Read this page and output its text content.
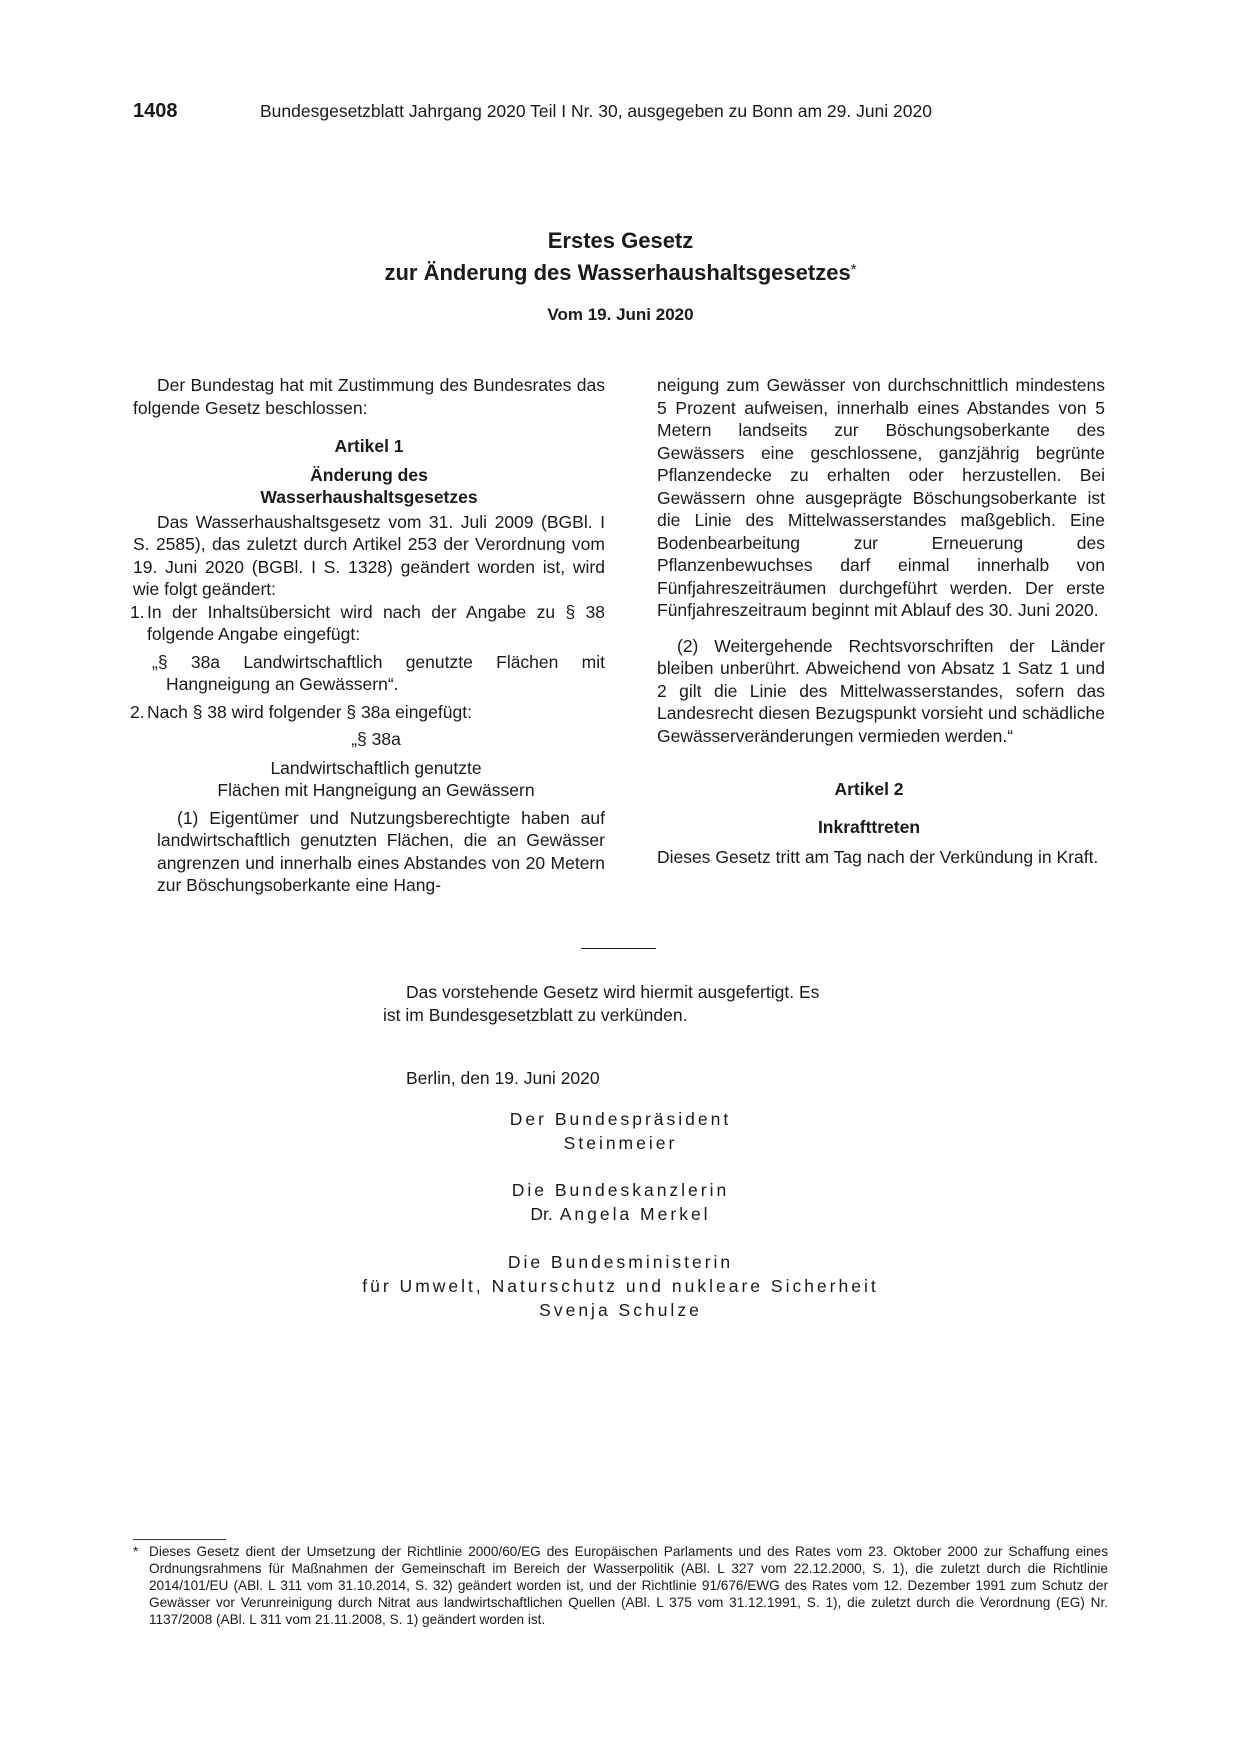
1408	Bundesgesetzblatt Jahrgang 2020 Teil I Nr. 30, ausgegeben zu Bonn am 29. Juni 2020
Erstes Gesetz
zur Änderung des Wasserhaushaltsgesetzes*
Vom 19. Juni 2020

Der Bundestag hat mit Zustimmung des Bundesrates das folgende Gesetz beschlossen:

Artikel 1
Änderung des
Wasserhaushaltsgesetzes

Das Wasserhaushaltsgesetz vom 31. Juli 2009 (BGBl. I S. 2585), das zuletzt durch Artikel 253 der Verordnung vom 19. Juni 2020 (BGBl. I S. 1328) geändert worden ist, wird wie folgt geändert:

1. In der Inhaltsübersicht wird nach der Angabe zu § 38 folgende Angabe eingefügt:

„§ 38a Landwirtschaftlich genutzte Flächen mit Hangneigung an Gewässern“.

2. Nach § 38 wird folgender § 38a eingefügt:
„§ 38a
Landwirtschaftlich genutzte
Flächen mit Hangneigung an Gewässern

(1) Eigentümer und Nutzungsberechtigte haben auf landwirtschaftlich genutzten Flächen, die an Gewässer angrenzen und innerhalb eines Abstandes von 20 Metern zur Böschungsoberkante eine Hang-

neigung zum Gewässer von durchschnittlich mindestens 5 Prozent aufweisen, innerhalb eines Abstandes von 5 Metern landseits zur Böschungsoberkante des Gewässers eine geschlossene, ganzjährig begrünte Pflanzendecke zu erhalten oder herzustellen. Bei Gewässern ohne ausgeprägte Böschungsoberkante ist die Linie des Mittelwasserstandes maßgeblich. Eine Bodenbearbeitung zur Erneuerung des Pflanzenbewuchses darf einmal innerhalb von Fünfjahreszeiträumen durchgeführt werden. Der erste Fünfjahreszeitraum beginnt mit Ablauf des 30. Juni 2020.

(2) Weitergehende Rechtsvorschriften der Länder bleiben unberührt. Abweichend von Absatz 1 Satz 1 und 2 gilt die Linie des Mittelwasserstandes, sofern das Landesrecht diesen Bezugspunkt vorsieht und schädliche Gewässerveränderungen vermieden werden.“

Artikel 2
Inkrafttreten

Dieses Gesetz tritt am Tag nach der Verkündung in Kraft.

Das vorstehende Gesetz wird hiermit ausgefertigt. Es
ist im Bundesgesetzblatt zu verkünden.
Berlin, den 19. Juni 2020
Der Bundespräsident
Steinmeier
Die Bundeskanzlerin
Dr. Angela Merkel
Die Bundesministerin
für Umwelt, Naturschutz und nukleare Sicherheit
Svenja Schulze
* Dieses Gesetz dient der Umsetzung der Richtlinie 2000/60/EG des Europäischen Parlaments und des Rates vom 23. Oktober 2000 zur Schaffung eines Ordnungsrahmens für Maßnahmen der Gemeinschaft im Bereich der Wasserpolitik (ABl. L 327 vom 22.12.2000, S. 1), die zuletzt durch die Richtlinie 2014/101/EU (ABl. L 311 vom 31.10.2014, S. 32) geändert worden ist, und der Richtlinie 91/676/EWG des Rates vom 12. Dezember 1991 zum Schutz der Gewässer vor Verunreinigung durch Nitrat aus landwirtschaftlichen Quellen (ABl. L 375 vom 31.12.1991, S. 1), die zuletzt durch die Verordnung (EG) Nr. 1137/2008 (ABl. L 311 vom 21.11.2008, S. 1) geändert worden ist.
